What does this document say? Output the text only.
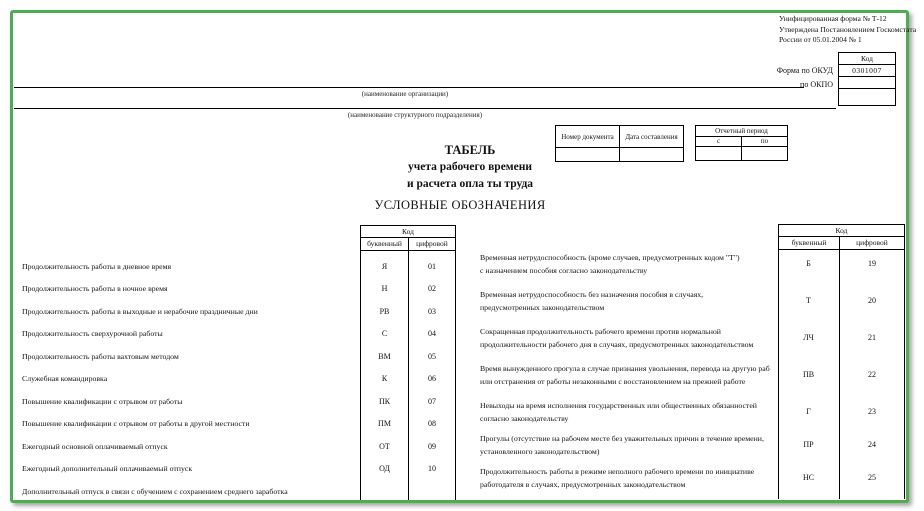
Унифицированная форма № Т-12
Утверждена Постановлением Госкомстата
России от 05.01.2004 № 1
Форма по ОКУД
по ОКПО
Код
0301007
(наименование организации)
(наименование структурного подразделения)
Номер документа	Дата составления
Отчетный период
с	по
ТАБЕЛЬ
учета рабочего времени
и расчета опла ты труда
УСЛОВНЫЕ ОБОЗНАЧЕНИЯ
Код
буквенный	цифровой
Код
буквенный	цифровой
Продолжительность работы в дневное время	Я	01
Продолжительность работы в ночное время	Н	02
Продолжительность работы в выходные и нерабочие праздничные дни	РВ	03
Продолжительность сверхурочной работы	С	04
Продолжительность работы вахтовым методом	ВМ	05
Служебная командировка	К	06
Повышение квалификации с отрывом от работы	ПК	07
Повышение квалификации с отрывом от работы в другой местности	ПМ	08
Ежегодный основной оплачиваемый отпуск	ОТ	09
Ежегодный дополнительный оплачиваемый отпуск	ОД	10
Дополнительный отпуск в связи с обучением с сохранением среднего заработка
Временная нетрудоспособность (кроме случаев, предусмотренных кодом "Т")
с назначением пособия согласно законодательству
Б	19
Временная нетрудоспособность без назначения пособия в случаях,
предусмотренных законодательством
Т	20
Сокращенная продолжительность рабочего времени против нормальной
продолжительности рабочего дня в случаях, предусмотренных законодательством
ЛЧ	21
Время вынужденного прогула в случае признания увольнения, перевода на другую раб
или отстранения от работы незаконными с восстановлением на прежней работе
ПВ	22
Невыходы на время исполнения государственных или общественных обязанностей
согласно законодательству
Г	23
Прогулы (отсутствие на рабочем месте без уважительных причин в течение времени,
установленного законодательством)
ПР	24
Продолжительность работы в режиме неполного рабочего времени по инициативе
работодателя в случаях, предусмотренных законодательством
НС	25
